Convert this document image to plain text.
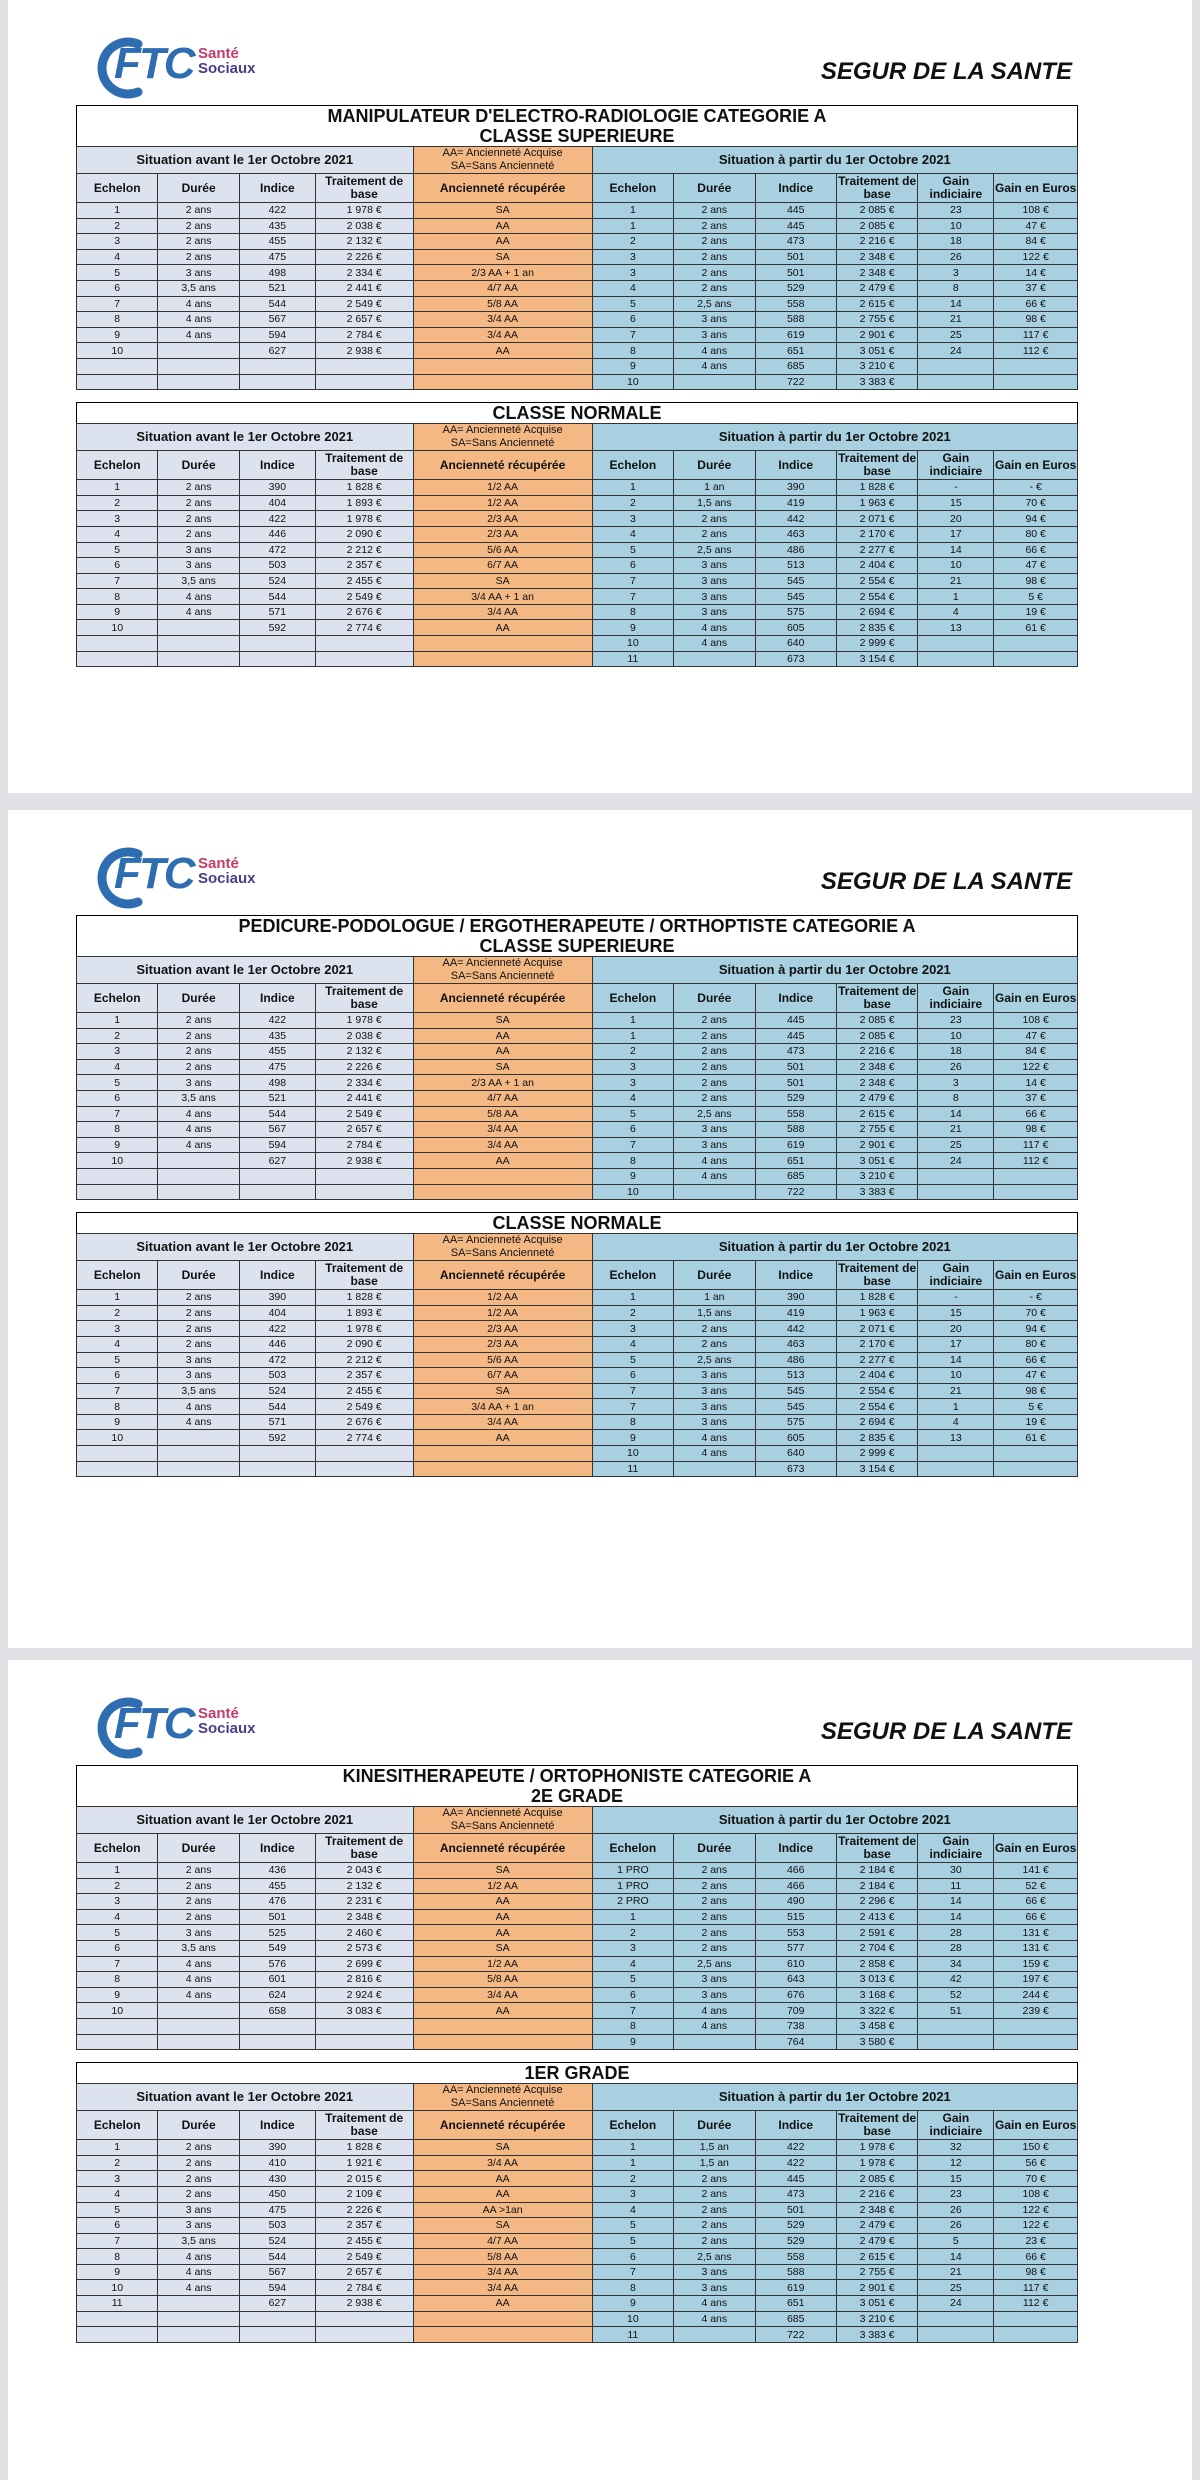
FTC Santé
Sociaux	SEGUR DE LA SANTE
MANIPULATEUR D'ELECTRO-RADIOLOGIE CATEGORIE A
CLASSE SUPERIEURE
Situation avant le 1er Octobre 2021				AA= Ancienneté Acquise
SA=Sans Ancienneté	Situation à partir du 1er Octobre 2021					
Echelon	Durée	Indice	Traitement de base	Ancienneté récupérée	Echelon	Durée	Indice	Traitement de base	Gain indiciaire	Gain en Euros
1	2 ans	422	1 978 €	SA	1	2 ans	445	2 085 €	23	108 €
2	2 ans	435	2 038 €	AA	1	2 ans	445	2 085 €	10	47 €
3	2 ans	455	2 132 €	AA	2	2 ans	473	2 216 €	18	84 €
4	2 ans	475	2 226 €	SA	3	2 ans	501	2 348 €	26	122 €
5	3 ans	498	2 334 €	2/3 AA + 1 an	3	2 ans	501	2 348 €	3	14 €
6	3,5 ans	521	2 441 €	4/7 AA	4	2 ans	529	2 479 €	8	37 €
7	4 ans	544	2 549 €	5/8 AA	5	2,5 ans	558	2 615 €	14	66 €
8	4 ans	567	2 657 €	3/4 AA	6	3 ans	588	2 755 €	21	98 €
9	4 ans	594	2 784 €	3/4 AA	7	3 ans	619	2 901 €	25	117 €
10		627	2 938 €	AA	8	4 ans	651	3 051 €	24	112 €
					9	4 ans	685	3 210 €		
					10		722	3 383 €		
CLASSE NORMALE
Situation avant le 1er Octobre 2021				AA= Ancienneté Acquise
SA=Sans Ancienneté	Situation à partir du 1er Octobre 2021					
Echelon	Durée	Indice	Traitement de base	Ancienneté récupérée	Echelon	Durée	Indice	Traitement de base	Gain indiciaire	Gain en Euros
1	2 ans	390	1 828 €	1/2 AA	1	1 an	390	1 828 €	-	- €
2	2 ans	404	1 893 €	1/2 AA	2	1,5 ans	419	1 963 €	15	70 €
3	2 ans	422	1 978 €	2/3 AA	3	2 ans	442	2 071 €	20	94 €
4	2 ans	446	2 090 €	2/3 AA	4	2 ans	463	2 170 €	17	80 €
5	3 ans	472	2 212 €	5/6 AA	5	2,5 ans	486	2 277 €	14	66 €
6	3 ans	503	2 357 €	6/7 AA	6	3 ans	513	2 404 €	10	47 €
7	3,5 ans	524	2 455 €	SA	7	3 ans	545	2 554 €	21	98 €
8	4 ans	544	2 549 €	3/4 AA + 1 an	7	3 ans	545	2 554 €	1	5 €
9	4 ans	571	2 676 €	3/4 AA	8	3 ans	575	2 694 €	4	19 €
10		592	2 774 €	AA	9	4 ans	605	2 835 €	13	61 €
					10	4 ans	640	2 999 €		
					11		673	3 154 €		
FTC Santé
Sociaux	SEGUR DE LA SANTE
PEDICURE-PODOLOGUE / ERGOTHERAPEUTE / ORTHOPTISTE CATEGORIE A
CLASSE SUPERIEURE
Situation avant le 1er Octobre 2021				AA= Ancienneté Acquise
SA=Sans Ancienneté	Situation à partir du 1er Octobre 2021					
Echelon	Durée	Indice	Traitement de base	Ancienneté récupérée	Echelon	Durée	Indice	Traitement de base	Gain indiciaire	Gain en Euros
1	2 ans	422	1 978 €	SA	1	2 ans	445	2 085 €	23	108 €
2	2 ans	435	2 038 €	AA	1	2 ans	445	2 085 €	10	47 €
3	2 ans	455	2 132 €	AA	2	2 ans	473	2 216 €	18	84 €
4	2 ans	475	2 226 €	SA	3	2 ans	501	2 348 €	26	122 €
5	3 ans	498	2 334 €	2/3 AA + 1 an	3	2 ans	501	2 348 €	3	14 €
6	3,5 ans	521	2 441 €	4/7 AA	4	2 ans	529	2 479 €	8	37 €
7	4 ans	544	2 549 €	5/8 AA	5	2,5 ans	558	2 615 €	14	66 €
8	4 ans	567	2 657 €	3/4 AA	6	3 ans	588	2 755 €	21	98 €
9	4 ans	594	2 784 €	3/4 AA	7	3 ans	619	2 901 €	25	117 €
10		627	2 938 €	AA	8	4 ans	651	3 051 €	24	112 €
					9	4 ans	685	3 210 €		
					10		722	3 383 €		
CLASSE NORMALE
Situation avant le 1er Octobre 2021				AA= Ancienneté Acquise
SA=Sans Ancienneté	Situation à partir du 1er Octobre 2021					
Echelon	Durée	Indice	Traitement de base	Ancienneté récupérée	Echelon	Durée	Indice	Traitement de base	Gain indiciaire	Gain en Euros
1	2 ans	390	1 828 €	1/2 AA	1	1 an	390	1 828 €	-	- €
2	2 ans	404	1 893 €	1/2 AA	2	1,5 ans	419	1 963 €	15	70 €
3	2 ans	422	1 978 €	2/3 AA	3	2 ans	442	2 071 €	20	94 €
4	2 ans	446	2 090 €	2/3 AA	4	2 ans	463	2 170 €	17	80 €
5	3 ans	472	2 212 €	5/6 AA	5	2,5 ans	486	2 277 €	14	66 €
6	3 ans	503	2 357 €	6/7 AA	6	3 ans	513	2 404 €	10	47 €
7	3,5 ans	524	2 455 €	SA	7	3 ans	545	2 554 €	21	98 €
8	4 ans	544	2 549 €	3/4 AA + 1 an	7	3 ans	545	2 554 €	1	5 €
9	4 ans	571	2 676 €	3/4 AA	8	3 ans	575	2 694 €	4	19 €
10		592	2 774 €	AA	9	4 ans	605	2 835 €	13	61 €
					10	4 ans	640	2 999 €		
					11		673	3 154 €		
FTC Santé
Sociaux	SEGUR DE LA SANTE
KINESITHERAPEUTE / ORTOPHONISTE CATEGORIE A
2E GRADE
Situation avant le 1er Octobre 2021				AA= Ancienneté Acquise
SA=Sans Ancienneté	Situation à partir du 1er Octobre 2021					
Echelon	Durée	Indice	Traitement de base	Ancienneté récupérée	Echelon	Durée	Indice	Traitement de base	Gain indiciaire	Gain en Euros
1	2 ans	436	2 043 €	SA	1 PRO	2 ans	466	2 184 €	30	141 €
2	2 ans	455	2 132 €	1/2 AA	1 PRO	2 ans	466	2 184 €	11	52 €
3	2 ans	476	2 231 €	AA	2 PRO	2 ans	490	2 296 €	14	66 €
4	2 ans	501	2 348 €	AA	1	2 ans	515	2 413 €	14	66 €
5	3 ans	525	2 460 €	AA	2	2 ans	553	2 591 €	28	131 €
6	3,5 ans	549	2 573 €	SA	3	2 ans	577	2 704 €	28	131 €
7	4 ans	576	2 699 €	1/2 AA	4	2,5 ans	610	2 858 €	34	159 €
8	4 ans	601	2 816 €	5/8 AA	5	3 ans	643	3 013 €	42	197 €
9	4 ans	624	2 924 €	3/4 AA	6	3 ans	676	3 168 €	52	244 €
10		658	3 083 €	AA	7	4 ans	709	3 322 €	51	239 €
					8	4 ans	738	3 458 €		
					9		764	3 580 €		
1ER GRADE
Situation avant le 1er Octobre 2021				AA= Ancienneté Acquise
SA=Sans Ancienneté	Situation à partir du 1er Octobre 2021					
Echelon	Durée	Indice	Traitement de base	Ancienneté récupérée	Echelon	Durée	Indice	Traitement de base	Gain indiciaire	Gain en Euros
1	2 ans	390	1 828 €	SA	1	1,5 an	422	1 978 €	32	150 €
2	2 ans	410	1 921 €	3/4 AA	1	1,5 an	422	1 978 €	12	56 €
3	2 ans	430	2 015 €	AA	2	2 ans	445	2 085 €	15	70 €
4	2 ans	450	2 109 €	AA	3	2 ans	473	2 216 €	23	108 €
5	3 ans	475	2 226 €	AA >1an	4	2 ans	501	2 348 €	26	122 €
6	3 ans	503	2 357 €	SA	5	2 ans	529	2 479 €	26	122 €
7	3,5 ans	524	2 455 €	4/7 AA	5	2 ans	529	2 479 €	5	23 €
8	4 ans	544	2 549 €	5/8 AA	6	2,5 ans	558	2 615 €	14	66 €
9	4 ans	567	2 657 €	3/4 AA	7	3 ans	588	2 755 €	21	98 €
10	4 ans	594	2 784 €	3/4 AA	8	3 ans	619	2 901 €	25	117 €
11		627	2 938 €	AA	9	4 ans	651	3 051 €	24	112 €
					10	4 ans	685	3 210 €		
					11		722	3 383 €		
